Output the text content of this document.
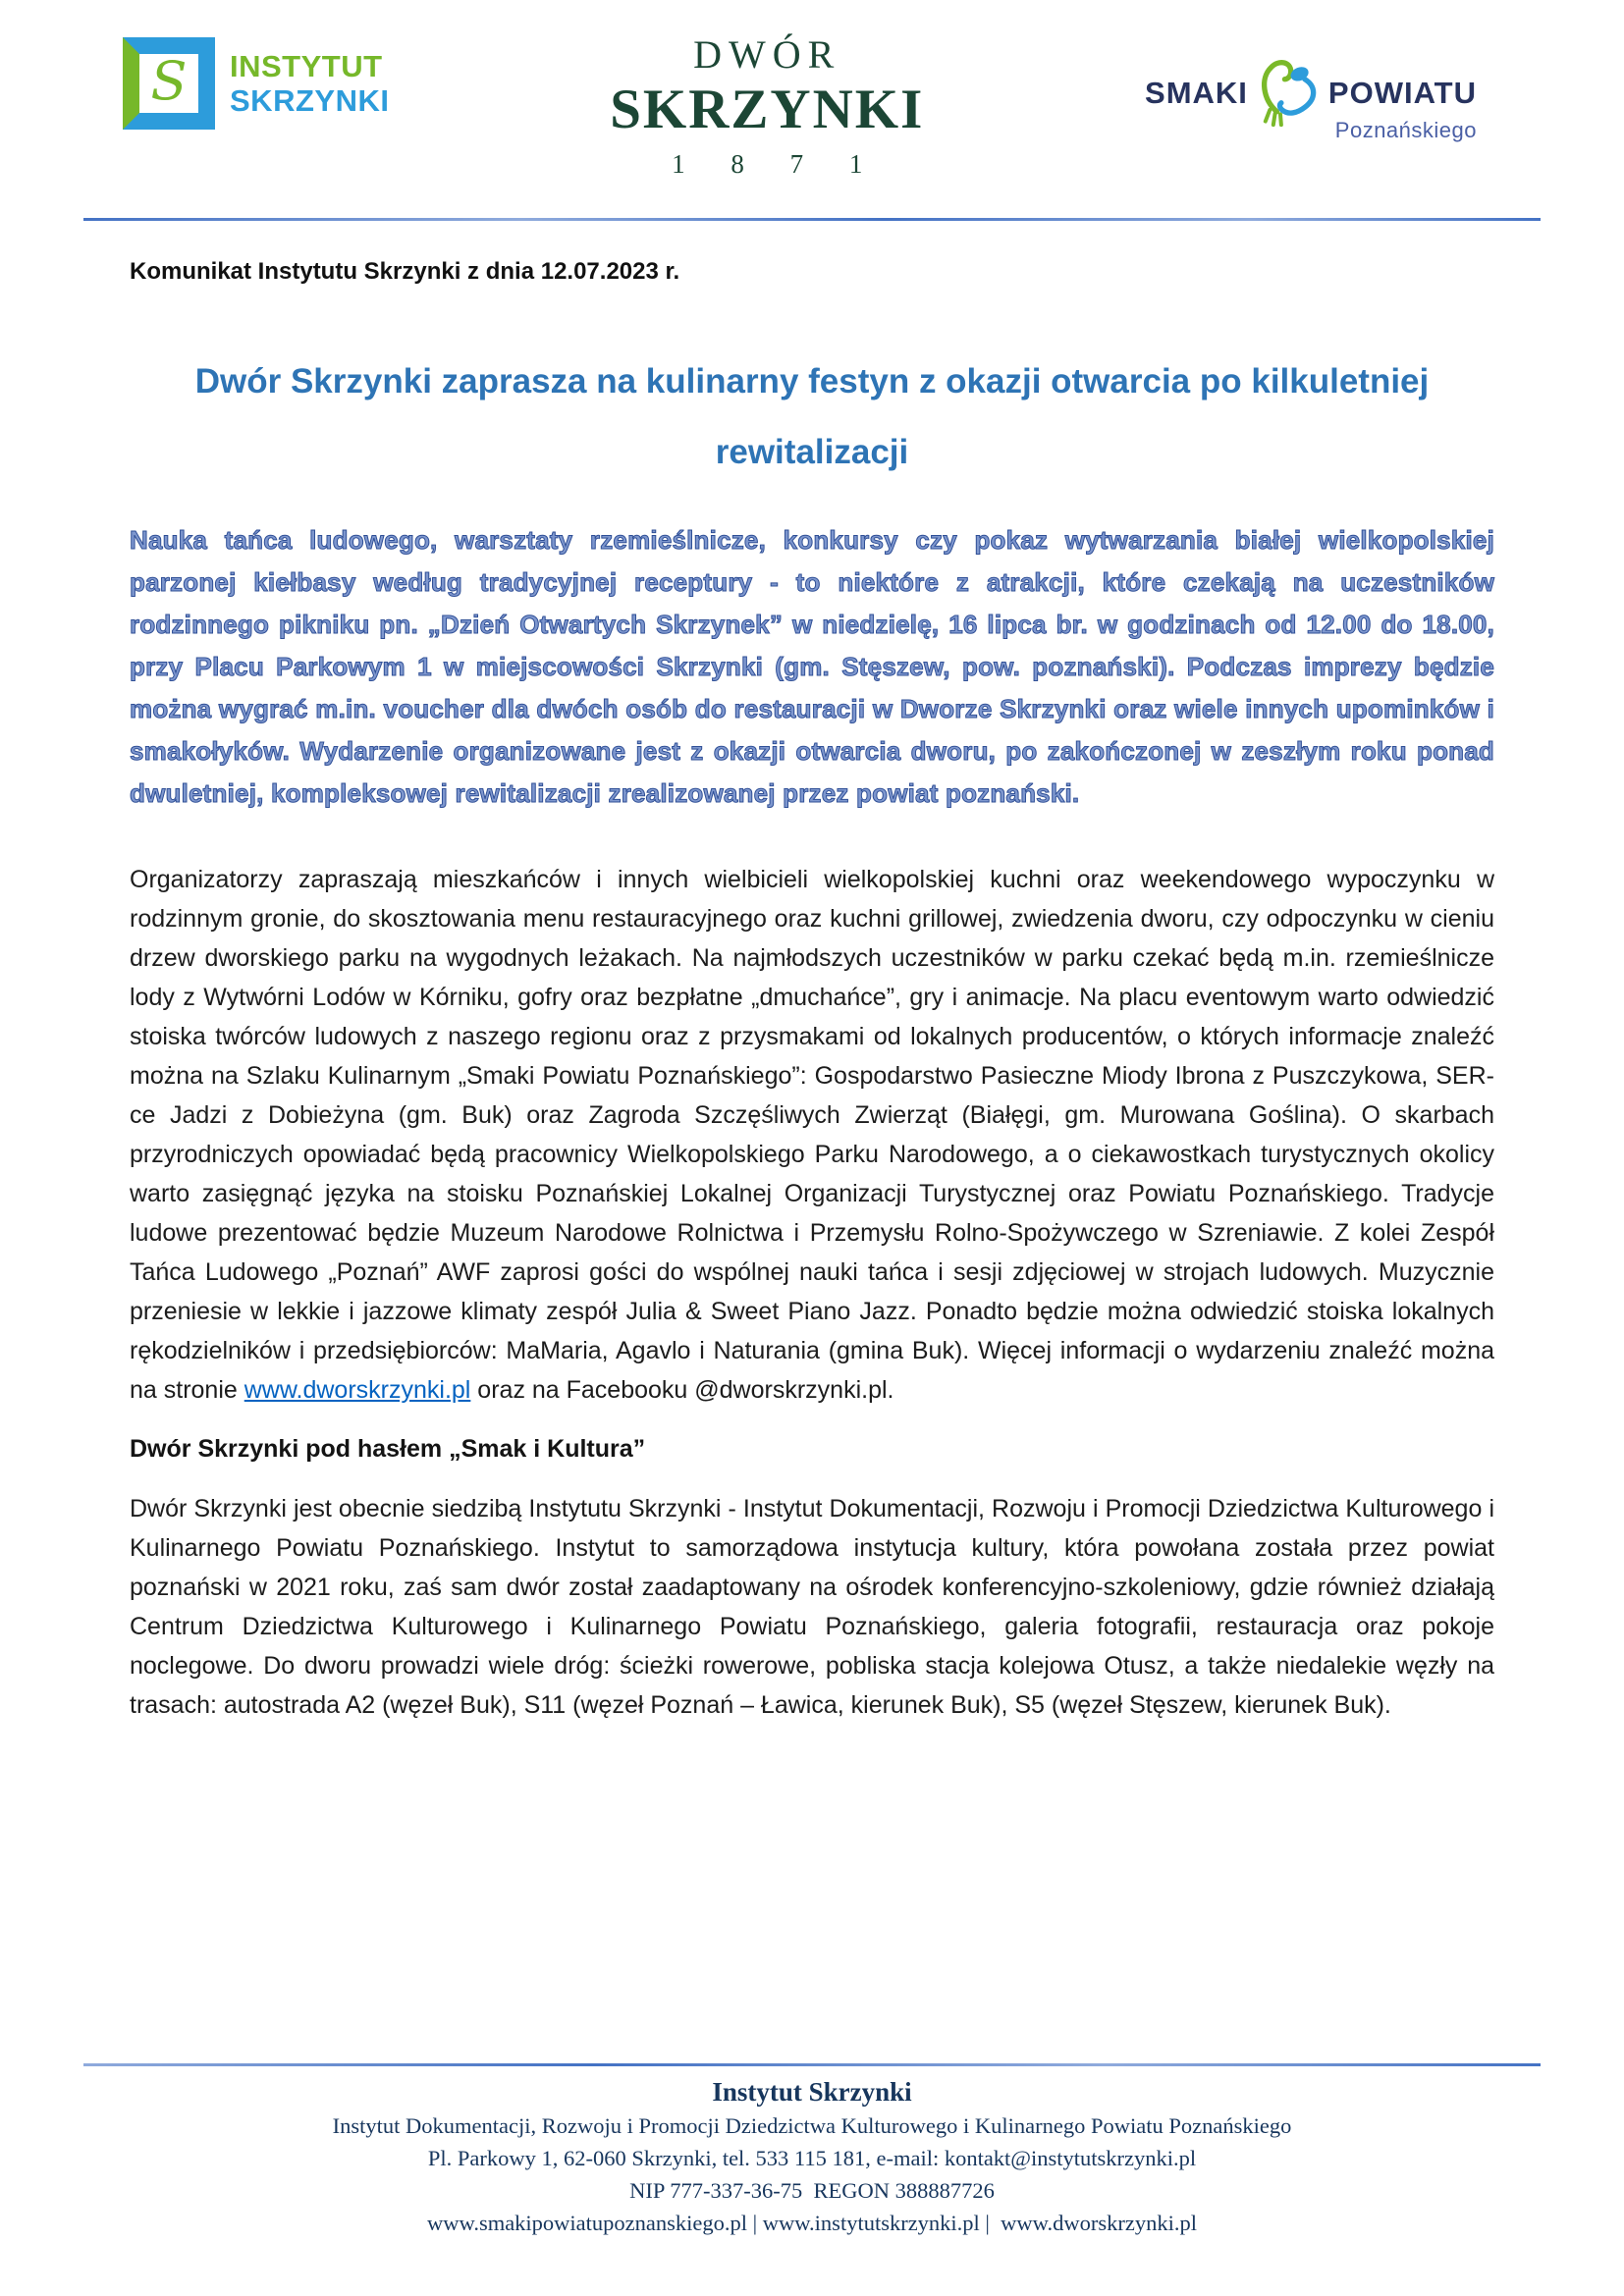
S INSTYTUT
SKRZYNKI
DWÓR
SKRZYNKI
1 8 7 1
SMAKI	POWIATU
Poznańskiego
Komunikat Instytutu Skrzynki z dnia 12.07.2023 r.
Dwór Skrzynki zaprasza na kulinarny festyn z okazji otwarcia po kilkuletniej rewitalizacji

Nauka tańca ludowego, warsztaty rzemieślnicze, konkursy czy pokaz wytwarzania białej wielkopolskiej parzonej kiełbasy według tradycyjnej receptury - to niektóre z atrakcji, które czekają na uczestników rodzinnego pikniku pn. „Dzień Otwartych Skrzynek” w niedzielę, 16 lipca br. w godzinach od 12.00 do 18.00, przy Placu Parkowym 1 w miejscowości Skrzynki (gm. Stęszew, pow. poznański). Podczas imprezy będzie można wygrać m.in. voucher dla dwóch osób do restauracji w Dworze Skrzynki oraz wiele innych upominków i smakołyków. Wydarzenie organizowane jest z okazji otwarcia dworu, po zakończonej w zeszłym roku ponad dwuletniej, kompleksowej rewitalizacji zrealizowanej przez powiat poznański.

Organizatorzy zapraszają mieszkańców i innych wielbicieli wielkopolskiej kuchni oraz weekendowego wypoczynku w rodzinnym gronie, do skosztowania menu restauracyjnego oraz kuchni grillowej, zwiedzenia dworu, czy odpoczynku w cieniu drzew dworskiego parku na wygodnych leżakach. Na najmłodszych uczestników w parku czekać będą m.in. rzemieślnicze lody z Wytwórni Lodów w Kórniku, gofry oraz bezpłatne „dmuchańce”, gry i animacje. Na placu eventowym warto odwiedzić stoiska twórców ludowych z naszego regionu oraz z przysmakami od lokalnych producentów, o których informacje znaleźć można na Szlaku Kulinarnym „Smaki Powiatu Poznańskiego”: Gospodarstwo Pasieczne Miody Ibrona z Puszczykowa, SER-ce Jadzi z Dobieżyna (gm. Buk) oraz Zagroda Szczęśliwych Zwierząt (Białęgi, gm. Murowana Goślina). O skarbach przyrodniczych opowiadać będą pracownicy Wielkopolskiego Parku Narodowego, a o ciekawostkach turystycznych okolicy warto zasięgnąć języka na stoisku Poznańskiej Lokalnej Organizacji Turystycznej oraz Powiatu Poznańskiego. Tradycje ludowe prezentować będzie Muzeum Narodowe Rolnictwa i Przemysłu Rolno-Spożywczego w Szreniawie. Z kolei Zespół Tańca Ludowego „Poznań” AWF zaprosi gości do wspólnej nauki tańca i sesji zdjęciowej w strojach ludowych. Muzycznie przeniesie w lekkie i jazzowe klimaty zespół Julia & Sweet Piano Jazz. Ponadto będzie można odwiedzić stoiska lokalnych rękodzielników i przedsiębiorców: MaMaria, Agavlo i Naturania (gmina Buk). Więcej informacji o wydarzeniu znaleźć można na stronie www.dworskrzynki.pl oraz na Facebooku @dworskrzynki.pl.

Dwór Skrzynki pod hasłem „Smak i Kultura”

Dwór Skrzynki jest obecnie siedzibą Instytutu Skrzynki - Instytut Dokumentacji, Rozwoju i Promocji Dziedzictwa Kulturowego i Kulinarnego Powiatu Poznańskiego. Instytut to samorządowa instytucja kultury, która powołana została przez powiat poznański w 2021 roku, zaś sam dwór został zaadaptowany na ośrodek konferencyjno-szkoleniowy, gdzie również działają Centrum Dziedzictwa Kulturowego i Kulinarnego Powiatu Poznańskiego, galeria fotografii, restauracja oraz pokoje noclegowe. Do dworu prowadzi wiele dróg: ścieżki rowerowe, pobliska stacja kolejowa Otusz, a także niedalekie węzły na trasach: autostrada A2 (węzeł Buk), S11 (węzeł Poznań – Ławica, kierunek Buk), S5 (węzeł Stęszew, kierunek Buk).

Instytut Skrzynki
Instytut Dokumentacji, Rozwoju i Promocji Dziedzictwa Kulturowego i Kulinarnego Powiatu Poznańskiego
Pl. Parkowy 1, 62-060 Skrzynki, tel. 533 115 181, e-mail: kontakt@instytutskrzynki.pl
NIP 777-337-36-75  REGON 388887726
www.smakipowiatupoznanskiego.pl | www.instytutskrzynki.pl |  www.dworskrzynki.pl
